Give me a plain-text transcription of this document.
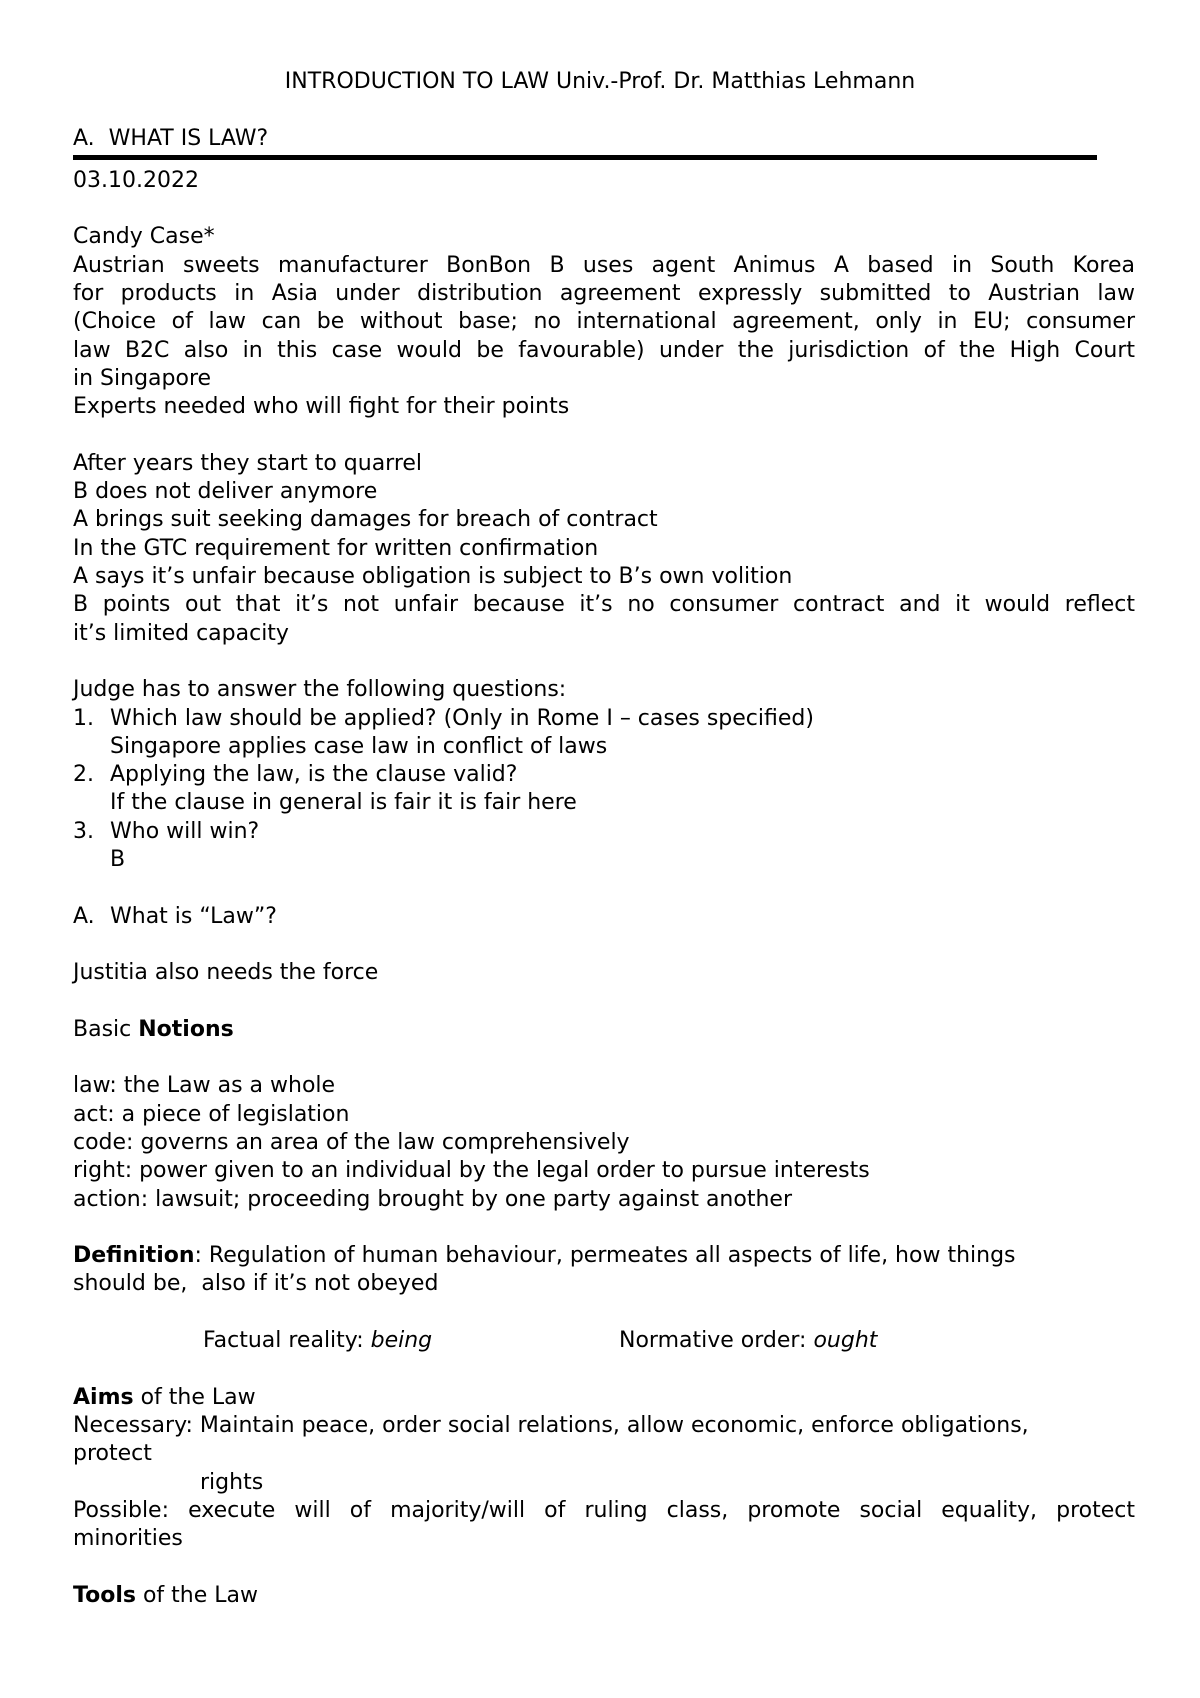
INTRODUCTION TO LAW Univ.-Prof. Dr. Matthias Lehmann
A.  WHAT IS LAW?
03.10.2022
Candy Case*
Austrian sweets manufacturer BonBon B uses agent Animus A based in South Korea
for products in Asia under distribution agreement expressly submitted to Austrian law
(Choice of law can be without base; no international agreement, only in EU; consumer
law B2C also in this case would be favourable) under the jurisdiction of the High Court
in Singapore
Experts needed who will fight for their points
After years they start to quarrel
B does not deliver anymore
A brings suit seeking damages for breach of contract
In the GTC requirement for written confirmation
A says it’s unfair because obligation is subject to B’s own volition
B points out that it’s not unfair because it’s no consumer contract and it would reflect
it’s limited capacity
Judge has to answer the following questions:
1. Which law should be applied? (Only in Rome I – cases specified)
Singapore applies case law in conflict of laws
2. Applying the law, is the clause valid?
If the clause in general is fair it is fair here
3. Who will win?
B
A. What is “Law”?
Justitia also needs the force
Basic Notions
law: the Law as a whole
act: a piece of legislation
code: governs an area of the law comprehensively
right: power given to an individual by the legal order to pursue interests
action: lawsuit; proceeding brought by one party against another
Definition: Regulation of human behaviour, permeates all aspects of life, how things
should be,  also if it’s not obeyed
Factual reality: being	Normative order: ought
Aims of the Law
Necessary: Maintain peace, order social relations, allow economic, enforce obligations,
protect
rights
Possible: execute will of majority/will of ruling class, promote social equality, protect
minorities
Tools of the Law
